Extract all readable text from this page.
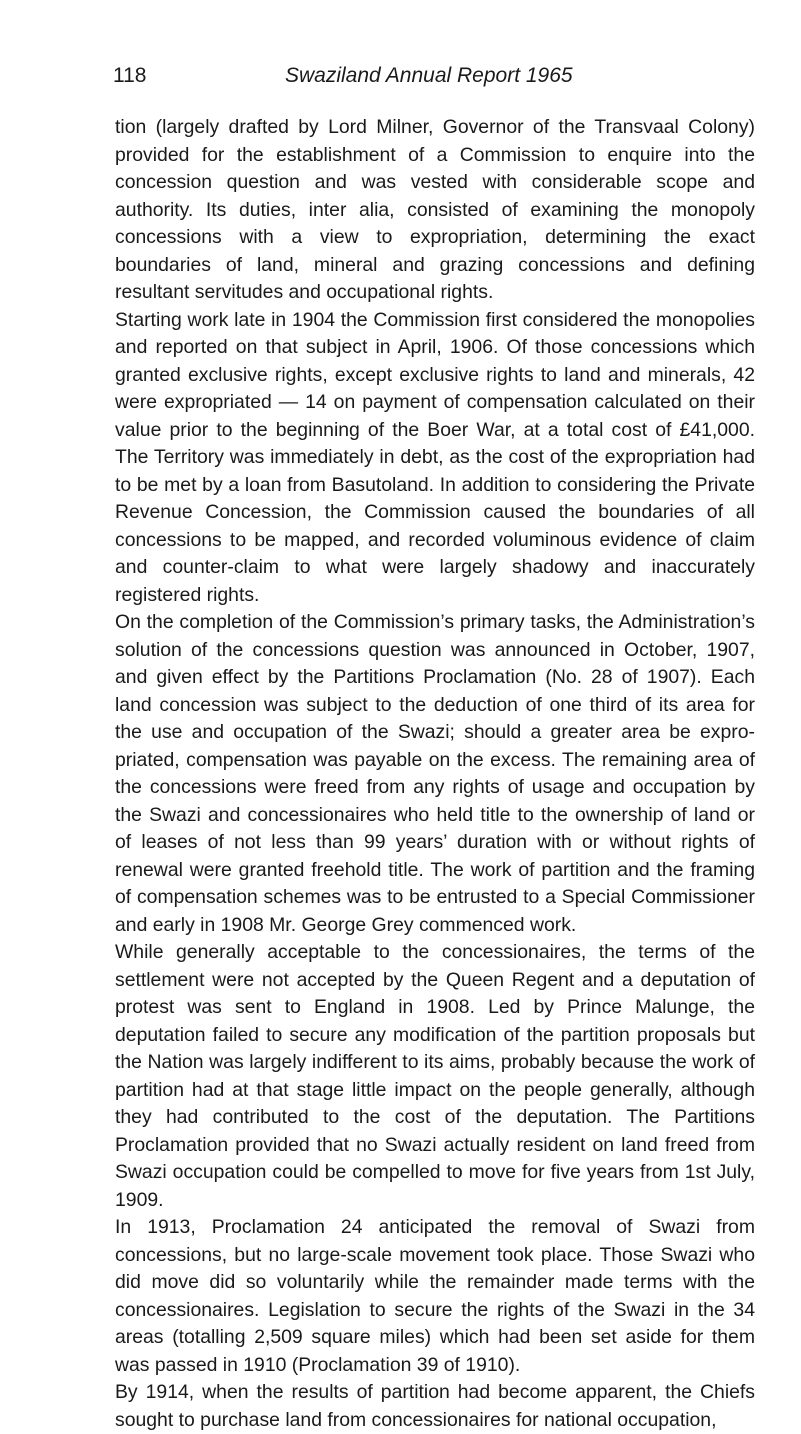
118	Swaziland Annual Report 1965

tion (largely drafted by Lord Milner, Governor of the Transvaal Colony) provided for the establishment of a Commission to enquire into the concession question and was vested with considerable scope and authority. Its duties, inter alia, consisted of examining the monopoly concessions with a view to expropriation, determining the exact boundaries of land, mineral and grazing concessions and defining resultant servitudes and occupational rights.

Starting work late in 1904 the Commission first considered the monopolies and reported on that subject in April, 1906. Of those concessions which granted exclusive rights, except exclusive rights to land and minerals, 42 were expropriated — 14 on payment of compensation calculated on their value prior to the beginning of the Boer War, at a total cost of £41,000. The Territory was immediately in debt, as the cost of the expropriation had to be met by a loan from Basutoland. In addition to considering the Private Revenue Concession, the Commission caused the boundaries of all concessions to be mapped, and recorded voluminous evidence of claim and counter-claim to what were largely shadowy and inaccurately registered rights.

On the completion of the Commission’s primary tasks, the Administration’s solution of the concessions question was announced in October, 1907, and given effect by the Partitions Proclamation (No. 28 of 1907). Each land concession was subject to the deduction of one third of its area for the use and occupation of the Swazi; should a greater area be expropriated, compensation was payable on the excess. The remaining area of the concessions were freed from any rights of usage and occupation by the Swazi and concessionaires who held title to the ownership of land or of leases of not less than 99 years’ duration with or without rights of renewal were granted freehold title. The work of partition and the framing of compensation schemes was to be entrusted to a Special Commissioner and early in 1908 Mr. George Grey commenced work.

While generally acceptable to the concessionaires, the terms of the settlement were not accepted by the Queen Regent and a deputation of protest was sent to England in 1908. Led by Prince Malunge, the deputation failed to secure any modification of the partition proposals but the Nation was largely indifferent to its aims, probably because the work of partition had at that stage little impact on the people generally, although they had contributed to the cost of the deputation. The Partitions Proclamation provided that no Swazi actually resident on land freed from Swazi occupation could be compelled to move for five years from 1st July, 1909.

In 1913, Proclamation 24 anticipated the removal of Swazi from concessions, but no large-scale movement took place. Those Swazi who did move did so voluntarily while the remainder made terms with the concessionaires. Legislation to secure the rights of the Swazi in the 34 areas (totalling 2,509 square miles) which had been set aside for them was passed in 1910 (Proclamation 39 of 1910).

By 1914, when the results of partition had become apparent, the Chiefs sought to purchase land from concessionaires for national occupation,
